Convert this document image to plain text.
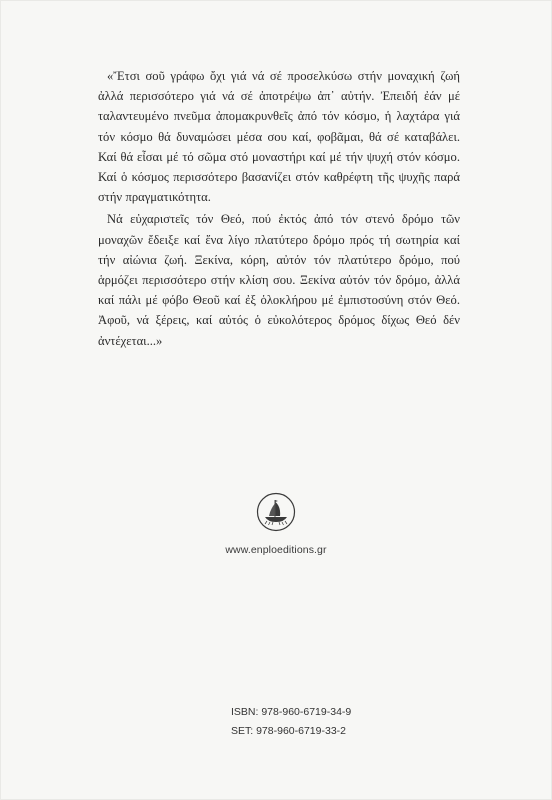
«Ἔτσι σοῦ γράφω ὄχι γιά νά σέ προσελκύσω στήν μοναχική ζωή ἀλλά περισσότερο γιά νά σέ ἀποτρέψω ἀπ᾽ αὐτήν. Ἐπειδή ἐάν μέ ταλαντευμένο πνεῦμα ἀπομακρυνθεῖς ἀπό τόν κόσμο, ἡ λαχτάρα γιά τόν κόσμο θά δυναμώσει μέσα σου καί, φοβᾶμαι, θά σέ καταβάλει. Καί θά εἶσαι μέ τό σῶμα στό μοναστήρι καί μέ τήν ψυχή στόν κόσμο. Καί ὁ κόσμος περισσότερο βασανίζει στόν καθρέφτη τῆς ψυχῆς παρά στήν πραγματικότητα.

Νά εὐχαριστεῖς τόν Θεό, πού ἐκτός ἀπό τόν στενό δρόμο τῶν μοναχῶν ἔδειξε καί ἕνα λίγο πλατύτερο δρόμο πρός τή σωτηρία καί τήν αἰώνια ζωή. Ξεκίνα, κόρη, αὐτόν τόν πλατύτερο δρόμο, πού ἁρμόζει περισσότερο στήν κλίση σου. Ξεκίνα αὐτόν τόν δρόμο, ἀλλά καί πάλι μέ φόβο Θεοῦ καί ἐξ ὁλοκλήρου μέ ἐμπιστοσύνη στόν Θεό. Ἀφοῦ, νά ξέρεις, καί αὐτός ὁ εὐκολότερος δρόμος δίχως Θεό δέν ἀντέχεται...»

www.enploeditions.gr
ISBN: 978-960-6719-34-9
SET: 978-960-6719-33-2
